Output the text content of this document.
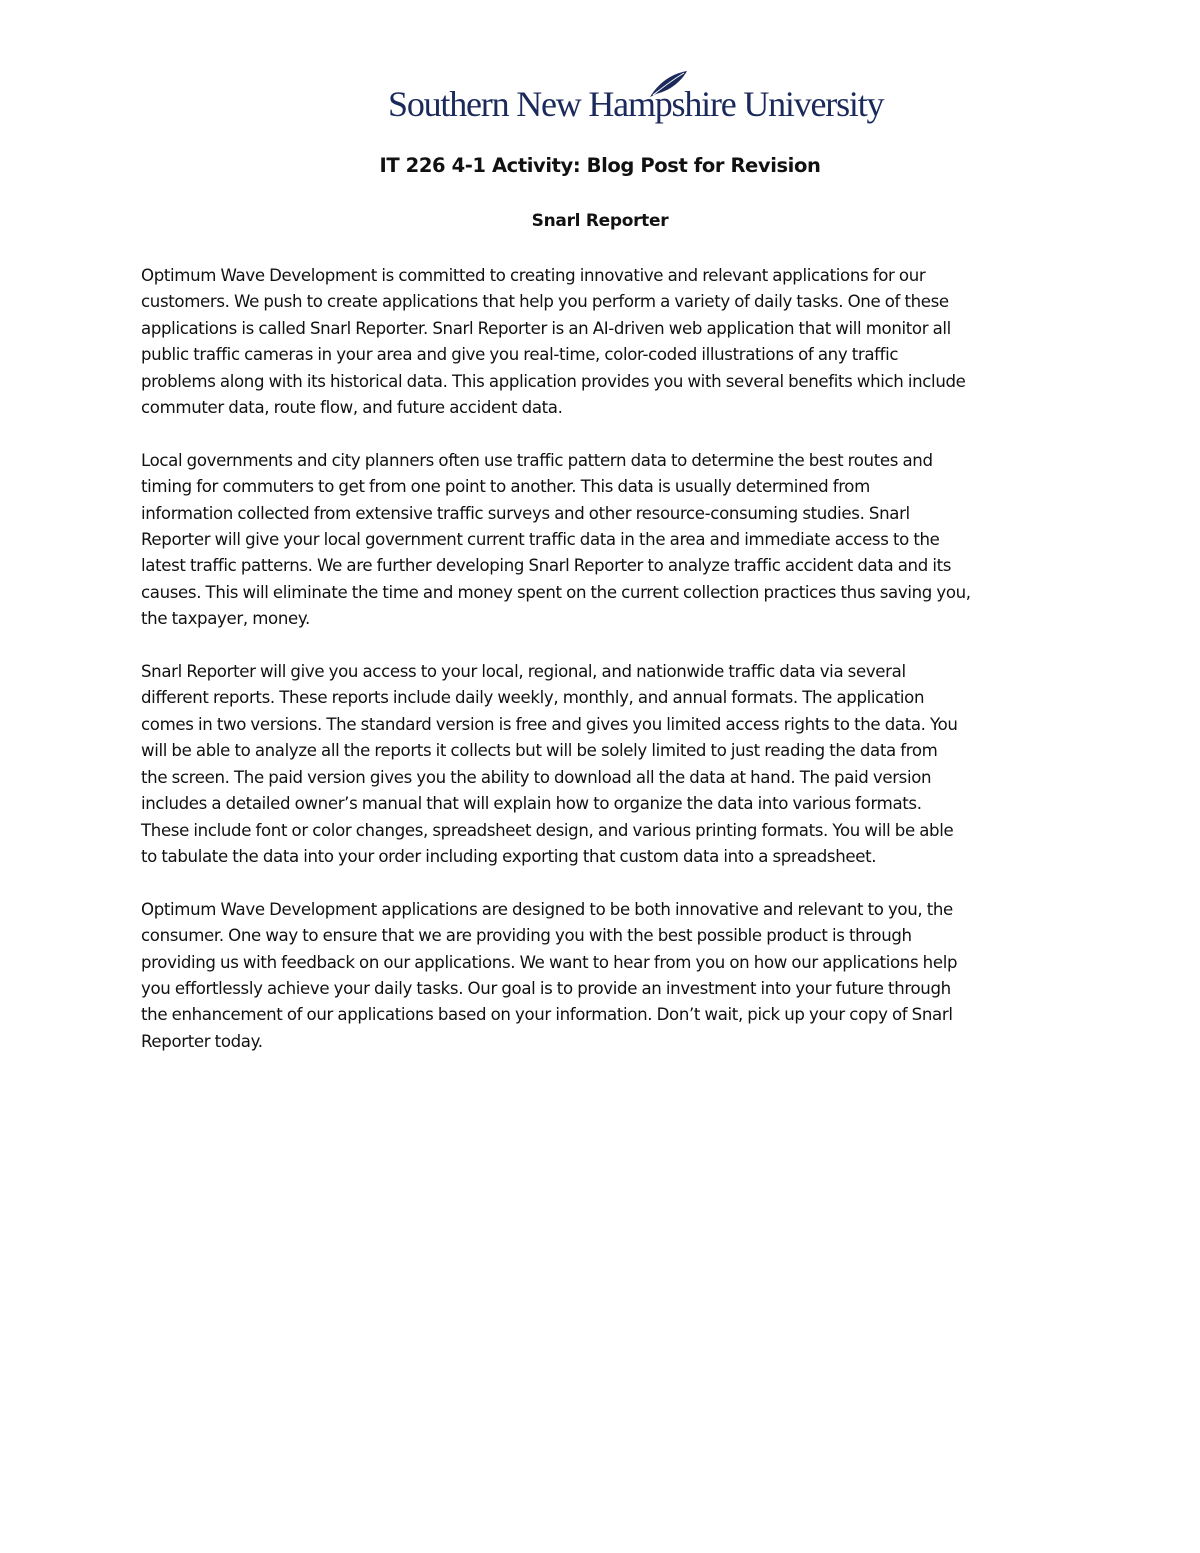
Southern New Hampshire University
IT 226 4-1 Activity: Blog Post for Revision
Snarl Reporter

Optimum Wave Development is committed to creating innovative and relevant applications for our
customers. We push to create applications that help you perform a variety of daily tasks. One of these
applications is called Snarl Reporter. Snarl Reporter is an AI-driven web application that will monitor all
public traffic cameras in your area and give you real-time, color-coded illustrations of any traffic
problems along with its historical data. This application provides you with several benefits which include
commuter data, route flow, and future accident data.

Local governments and city planners often use traffic pattern data to determine the best routes and
timing for commuters to get from one point to another. This data is usually determined from
information collected from extensive traffic surveys and other resource-consuming studies. Snarl
Reporter will give your local government current traffic data in the area and immediate access to the
latest traffic patterns. We are further developing Snarl Reporter to analyze traffic accident data and its
causes. This will eliminate the time and money spent on the current collection practices thus saving you,
the taxpayer, money.

Snarl Reporter will give you access to your local, regional, and nationwide traffic data via several
different reports. These reports include daily weekly, monthly, and annual formats. The application
comes in two versions. The standard version is free and gives you limited access rights to the data. You
will be able to analyze all the reports it collects but will be solely limited to just reading the data from
the screen. The paid version gives you the ability to download all the data at hand. The paid version
includes a detailed owner’s manual that will explain how to organize the data into various formats.
These include font or color changes, spreadsheet design, and various printing formats. You will be able
to tabulate the data into your order including exporting that custom data into a spreadsheet.

Optimum Wave Development applications are designed to be both innovative and relevant to you, the
consumer. One way to ensure that we are providing you with the best possible product is through
providing us with feedback on our applications. We want to hear from you on how our applications help
you effortlessly achieve your daily tasks. Our goal is to provide an investment into your future through
the enhancement of our applications based on your information. Don’t wait, pick up your copy of Snarl
Reporter today.
